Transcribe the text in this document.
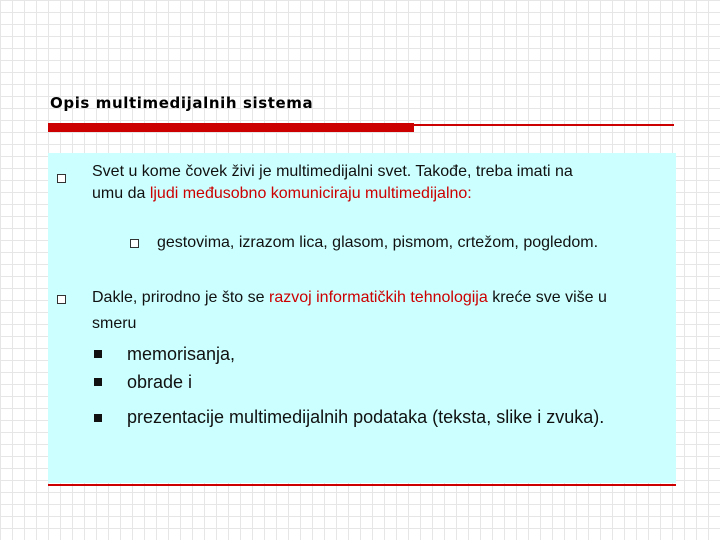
Opis multimedijalnih sistema
Svet u kome čovek živi je multimedijalni svet. Takođe, treba imati na
umu da ljudi međusobno komuniciraju multimedijalno:
gestovima, izrazom lica, glasom, pismom, crtežom, pogledom.
Dakle, prirodno je što se razvoj informatičkih tehnologija kreće sve više u
smeru
memorisanja,
obrade i
prezentacije multimedijalnih podataka (teksta, slike i zvuka).
